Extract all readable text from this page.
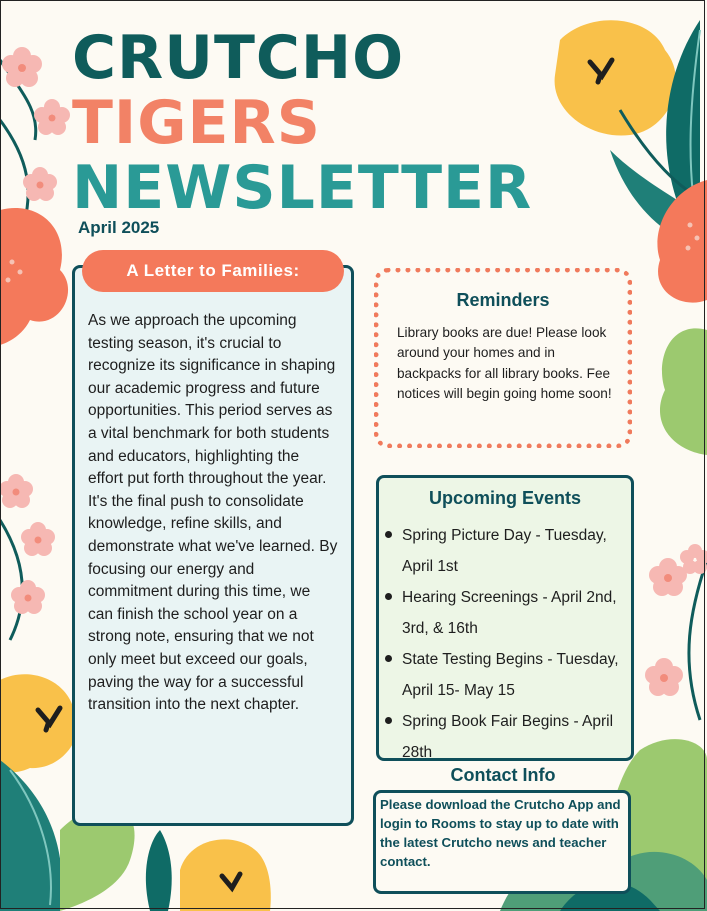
CRUTCHO
TIGERS
NEWSLETTER
April 2025
A Letter to Families:

As we approach the upcoming testing season, it's crucial to recognize its significance in shaping our academic progress and future opportunities. This period serves as a vital benchmark for both students and educators, highlighting the effort put forth throughout the year. It's the final push to consolidate knowledge, refine skills, and demonstrate what we've learned. By focusing our energy and commitment during this time, we can finish the school year on a strong note, ensuring that we not only meet but exceed our goals, paving the way for a successful transition into the next chapter.

Reminders

Library books are due! Please look around your homes and in backpacks for all library books. Fee notices will begin going home soon!

Upcoming Events
Spring Picture Day - Tuesday, April 1st
Hearing Screenings - April 2nd, 3rd, & 16th
State Testing Begins - Tuesday, April 15- May 15
Spring Book Fair Begins - April 28th
Contact Info

Please download the Crutcho App and login to Rooms to stay up to date with the latest Crutcho news and teacher contact.
